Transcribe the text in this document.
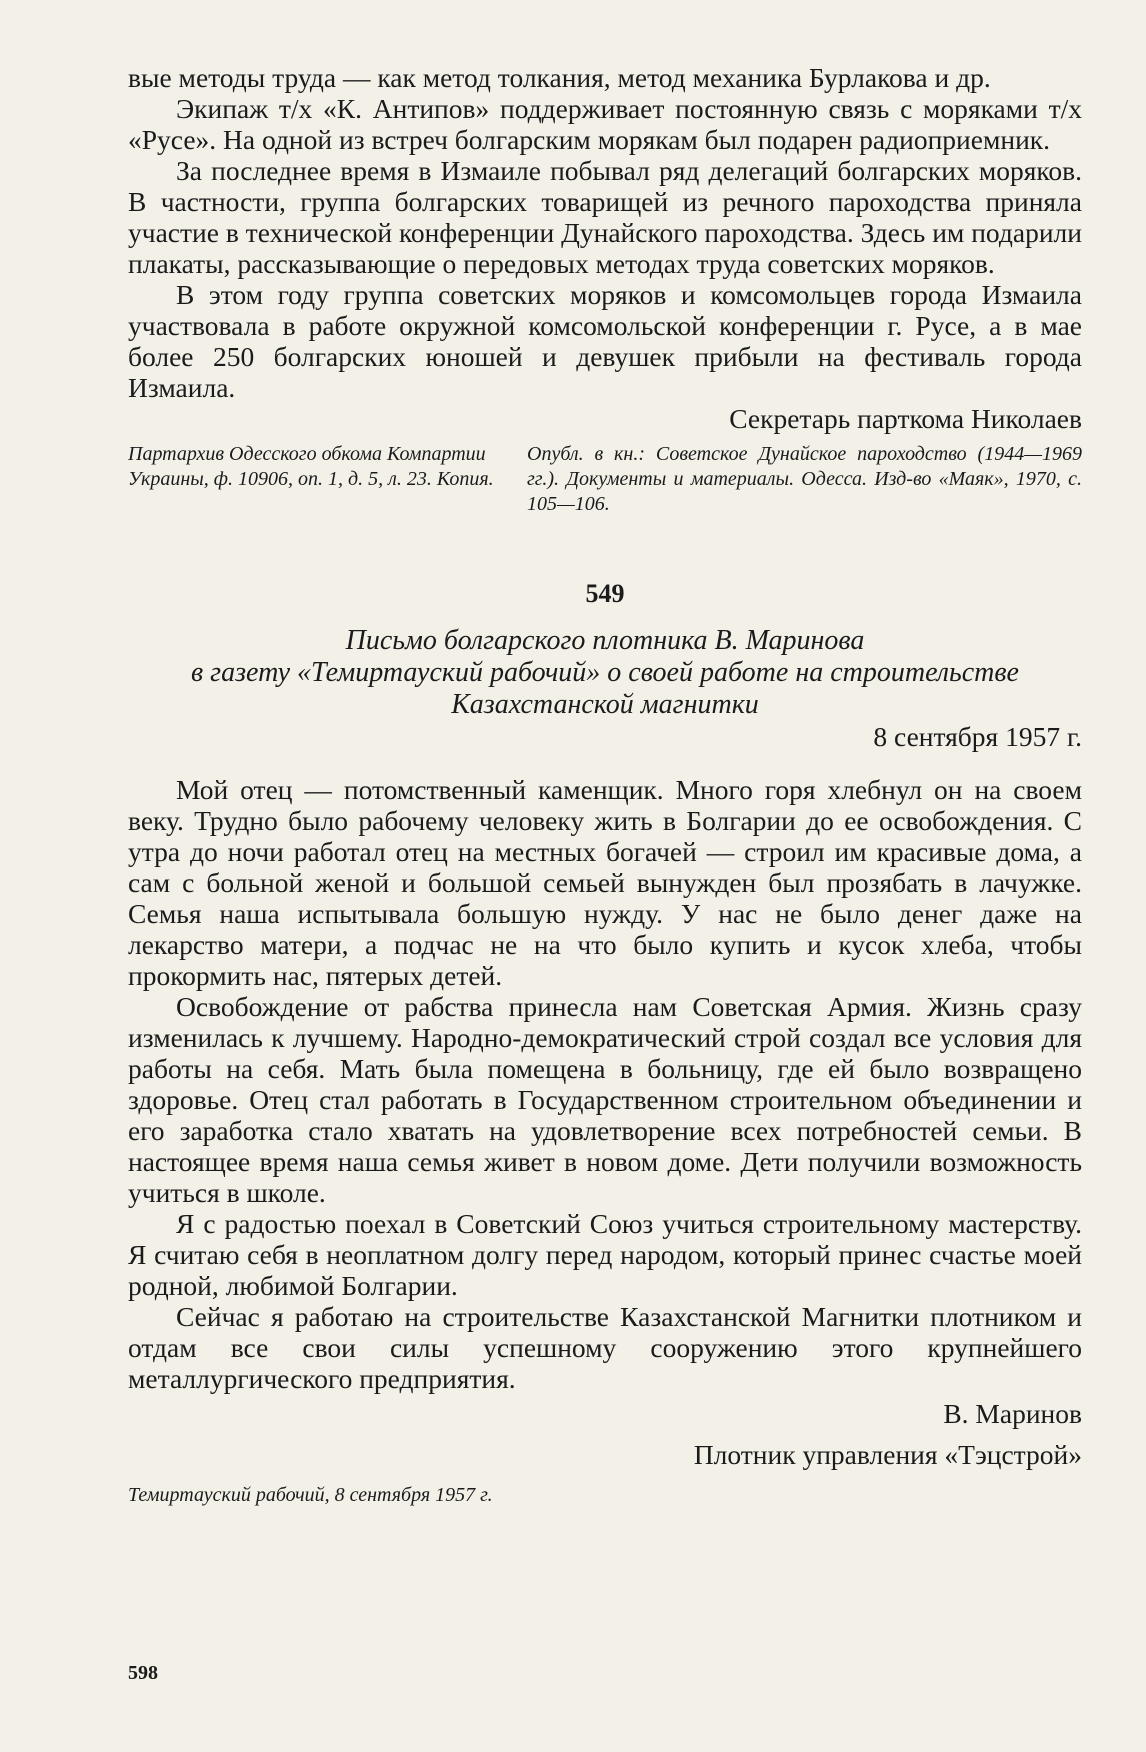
вые методы труда — как метод толкания, метод механика Бурлакова и др.

Экипаж т/х «К. Антипов» поддерживает постоянную связь с моряками т/х «Русе». На одной из встреч болгарским морякам был подарен радиоприемник.

За последнее время в Измаиле побывал ряд делегаций болгарских моряков. В частности, группа болгарских товарищей из речного пароходства приняла участие в технической конференции Дунайского пароходства. Здесь им подарили плакаты, рассказывающие о передовых методах труда советских моряков.

В этом году группа советских моряков и комсомольцев города Измаила участвовала в работе окружной комсомольской конференции г. Русе, а в мае более 250 болгарских юношей и девушек прибыли на фестиваль города Измаила.

Секретарь парткома Николаев
Партархив Одесского обкома Компартии Украины, ф. 10906, оп. 1, д. 5, л. 23. Копия.
Опубл. в кн.: Советское Дунайское пароходство (1944—1969 гг.). Документы и материалы. Одесса. Изд-во «Маяк», 1970, с. 105—106.
549
Письмо болгарского плотника В. Маринова
в газету «Темиртауский рабочий» о своей работе на строительстве
Казахстанской магнитки
8 сентября 1957 г.

Мой отец — потомственный каменщик. Много горя хлебнул он на своем веку. Трудно было рабочему человеку жить в Болгарии до ее освобождения. С утра до ночи работал отец на местных богачей — строил им красивые дома, а сам с больной женой и большой семьей вынужден был прозябать в лачужке. Семья наша испытывала большую нужду. У нас не было денег даже на лекарство матери, а подчас не на что было купить и кусок хлеба, чтобы прокормить нас, пятерых детей.

Освобождение от рабства принесла нам Советская Армия. Жизнь сразу изменилась к лучшему. Народно-демократический строй создал все условия для работы на себя. Мать была помещена в больницу, где ей было возвращено здоровье. Отец стал работать в Государственном строительном объединении и его заработка стало хватать на удовлетворение всех потребностей семьи. В настоящее время наша семья живет в новом доме. Дети получили возможность учиться в школе.

Я с радостью поехал в Советский Союз учиться строительному мастерству. Я считаю себя в неоплатном долгу перед народом, который принес счастье моей родной, любимой Болгарии.

Сейчас я работаю на строительстве Казахстанской Магнитки плотником и отдам все свои силы успешному сооружению этого крупнейшего металлургического предприятия.

В. Маринов
Плотник управления «Тэцстрой»

Темиртауский рабочий, 8 сентября 1957 г.

598
